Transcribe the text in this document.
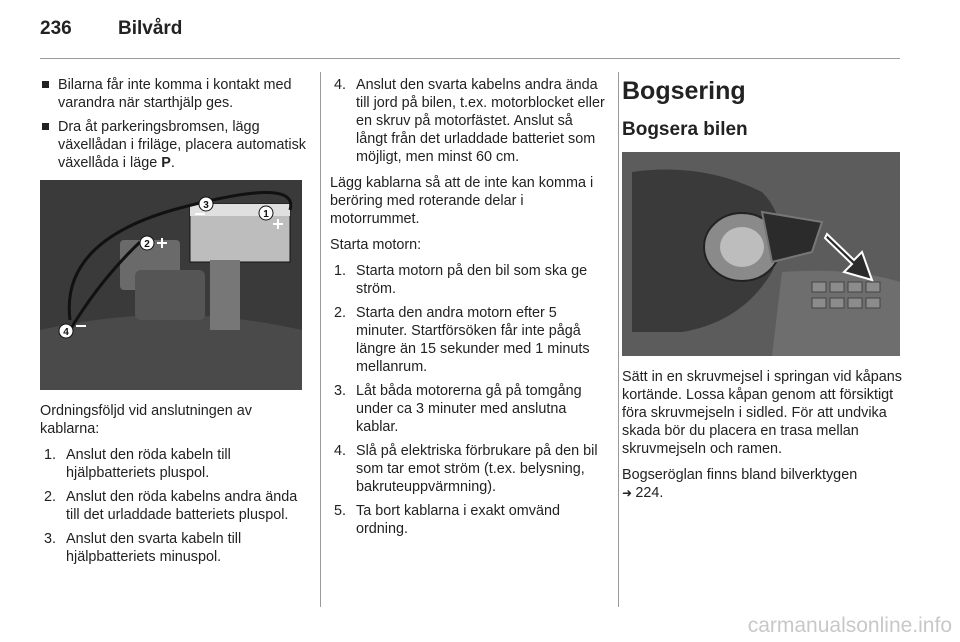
236 Bilvård
Bilarna får inte komma i kontakt med varandra när starthjälp ges.
Dra åt parkeringsbromsen, lägg växellådan i friläge, placera automatisk växellåda i läge P.
1
2
3
4

Ordningsföljd vid anslutningen av kablarna:

1. Anslut den röda kabeln till hjälpbatteriets pluspol.
2. Anslut den röda kabelns andra ända till det urladdade batteriets pluspol.
3. Anslut den svarta kabeln till hjälpbatteriets minuspol.
4. Anslut den svarta kabelns andra ända till jord på bilen, t.ex. motorblocket eller en skruv på motorfästet. Anslut så långt från det urladdade batteriet som möjligt, men minst 60 cm.

Lägg kablarna så att de inte kan komma i beröring med roterande delar i motorrummet.

Starta motorn:

1. Starta motorn på den bil som ska ge ström.
2. Starta den andra motorn efter 5 minuter. Startförsöken får inte pågå längre än 15 sekunder med 1 minuts mellanrum.
3. Låt båda motorerna gå på tomgång under ca 3 minuter med anslutna kablar.
4. Slå på elektriska förbrukare på den bil som tar emot ström (t.ex. belysning, bakruteuppvärmning).
5. Ta bort kablarna i exakt omvänd ordning.
Bogsering
Bogsera bilen

Sätt in en skruvmejsel i springan vid kåpans kortände. Lossa kåpan genom att försiktigt föra skruvmejseln i sidled. För att undvika skada bör du placera en trasa mellan skruvmejseln och ramen.

Bogseröglan finns bland bilverktygen
➜ 224.

carmanualsonline.info
